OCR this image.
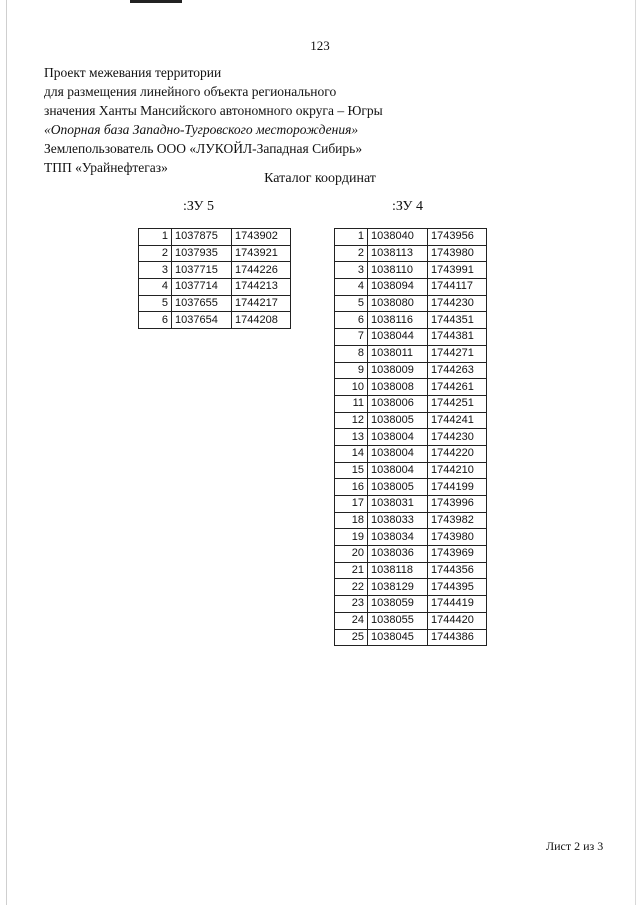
123
Проект межевания территории
для размещения линейного объекта регионального
значения Ханты Мансийского автономного округа – Югры
«Опорная база Западно-Тугровского месторождения»
Землепользователь ООО «ЛУКОЙЛ-Западная Сибирь»
ТПП «Урайнефтегаз»
Каталог координат
:ЗУ 5	:ЗУ 4
1	1037875	1743902
2	1037935	1743921
3	1037715	1744226
4	1037714	1744213
5	1037655	1744217
6	1037654	1744208
1	1038040	1743956
2	1038113	1743980
3	1038110	1743991
4	1038094	1744117
5	1038080	1744230
6	1038116	1744351
7	1038044	1744381
8	1038011	1744271
9	1038009	1744263
10	1038008	1744261
11	1038006	1744251
12	1038005	1744241
13	1038004	1744230
14	1038004	1744220
15	1038004	1744210
16	1038005	1744199
17	1038031	1743996
18	1038033	1743982
19	1038034	1743980
20	1038036	1743969
21	1038118	1744356
22	1038129	1744395
23	1038059	1744419
24	1038055	1744420
25	1038045	1744386
Лист 2 из 3
